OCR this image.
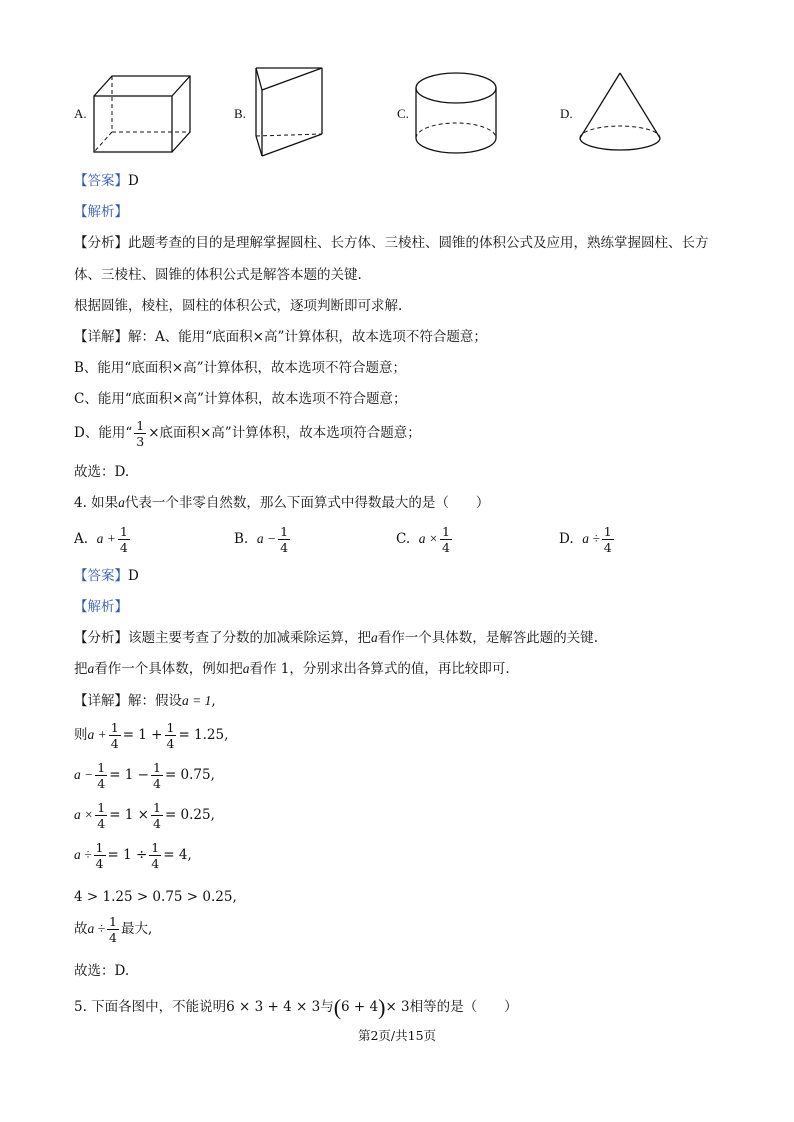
A.	B.	C.	D.
【答案】D
【解析】
【分析】此题考查的目的是理解掌握圆柱、长方体、三棱柱、圆锥的体积公式及应用，熟练掌握圆柱、长方
体、三棱柱、圆锥的体积公式是解答本题的关键.
根据圆锥，棱柱，圆柱的体积公式，逐项判断即可求解.
【详解】解：A、能用“底面积×高”计算体积，故本选项不符合题意；
B、能用“底面积×高”计算体积，故本选项不符合题意；
C、能用“底面积×高”计算体积，故本选项不符合题意；
D、能用“ $\frac{1}{3}$ ×底面积×高”计算体积，故本选项符合题意；
故选：D.
4. 如果a代表一个非零自然数，那么下面算式中得数最大的是（　　）
A. $a + \frac{1}{4}$	B. $a - \frac{1}{4}$	C. $a \times \frac{1}{4}$	D. $a \div \frac{1}{4}$
【答案】D
【解析】
【分析】该题主要考查了分数的加减乘除运算，把a看作一个具体数，是解答此题的关键.
把a看作一个具体数，例如把a看作 1，分别求出各算式的值，再比较即可.
【详解】解：假设a = 1,
则$a + \frac{1}{4} = 1 + \frac{1}{4} = 1.25$,
$a - \frac{1}{4} = 1 - \frac{1}{4} = 0.75$,
$a \times \frac{1}{4} = 1 \times \frac{1}{4} = 0.25$,
$a \div \frac{1}{4} = 1 \div \frac{1}{4} = 4$,
4 > 1.25 > 0.75 > 0.25,
故$a \div \frac{1}{4}$ 最大,
故选：D.
5. 下面各图中，不能说明6 × 3 + 4 × 3与(6 + 4)× 3相等的是（　　）
第2页/共15页
